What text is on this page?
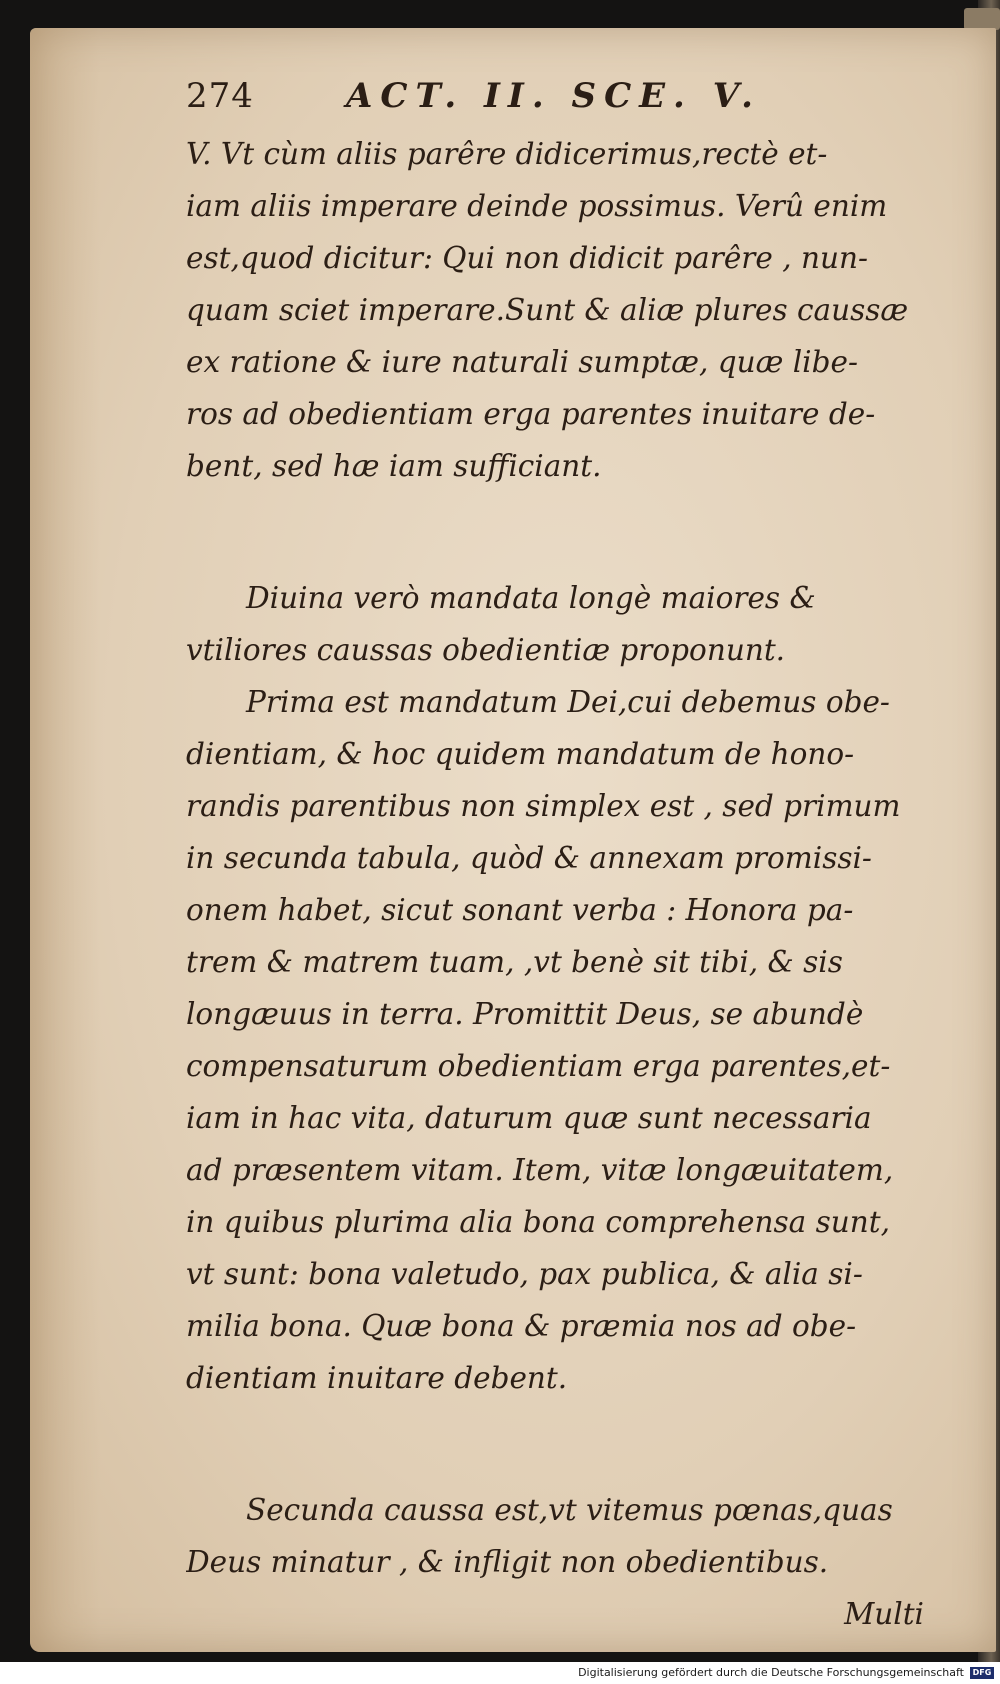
274	ACT. II. SCE. V.
V. Vt cùm aliis parêre didicerimus,rectè et-
iam aliis imperare deinde possimus. Verû enim
est,quod dicitur: Qui non didicit parêre , nun-
quam sciet imperare.Sunt & aliæ plures caussæ
ex ratione & iure naturali sumptæ, quæ libe-
ros ad obedientiam erga parentes inuitare de-
bent, sed hæ iam sufficiant.
Diuina verò mandata longè maiores &
vtiliores caussas obedientiæ proponunt.
Prima est mandatum Dei,cui debemus obe-
dientiam, & hoc quidem mandatum de hono-
randis parentibus non simplex est , sed primum
in secunda tabula, quòd & annexam promissi-
onem habet, sicut sonant verba : Honora pa-
trem & matrem tuam, ,vt benè sit tibi, & sis
longæuus in terra. Promittit Deus, se abundè
compensaturum obedientiam erga parentes,et-
iam in hac vita, daturum quæ sunt necessaria
ad præsentem vitam. Item, vitæ longæuitatem,
in quibus plurima alia bona comprehensa sunt,
vt sunt: bona valetudo, pax publica, & alia si-
milia bona. Quæ bona & præmia nos ad obe-
dientiam inuitare debent.
Secunda caussa est,vt vitemus pœnas,quas
Deus minatur , & infligit non obedientibus.
Multi
Digitalisierung gefördert durch die Deutsche Forschungsgemeinschaft	DFG
